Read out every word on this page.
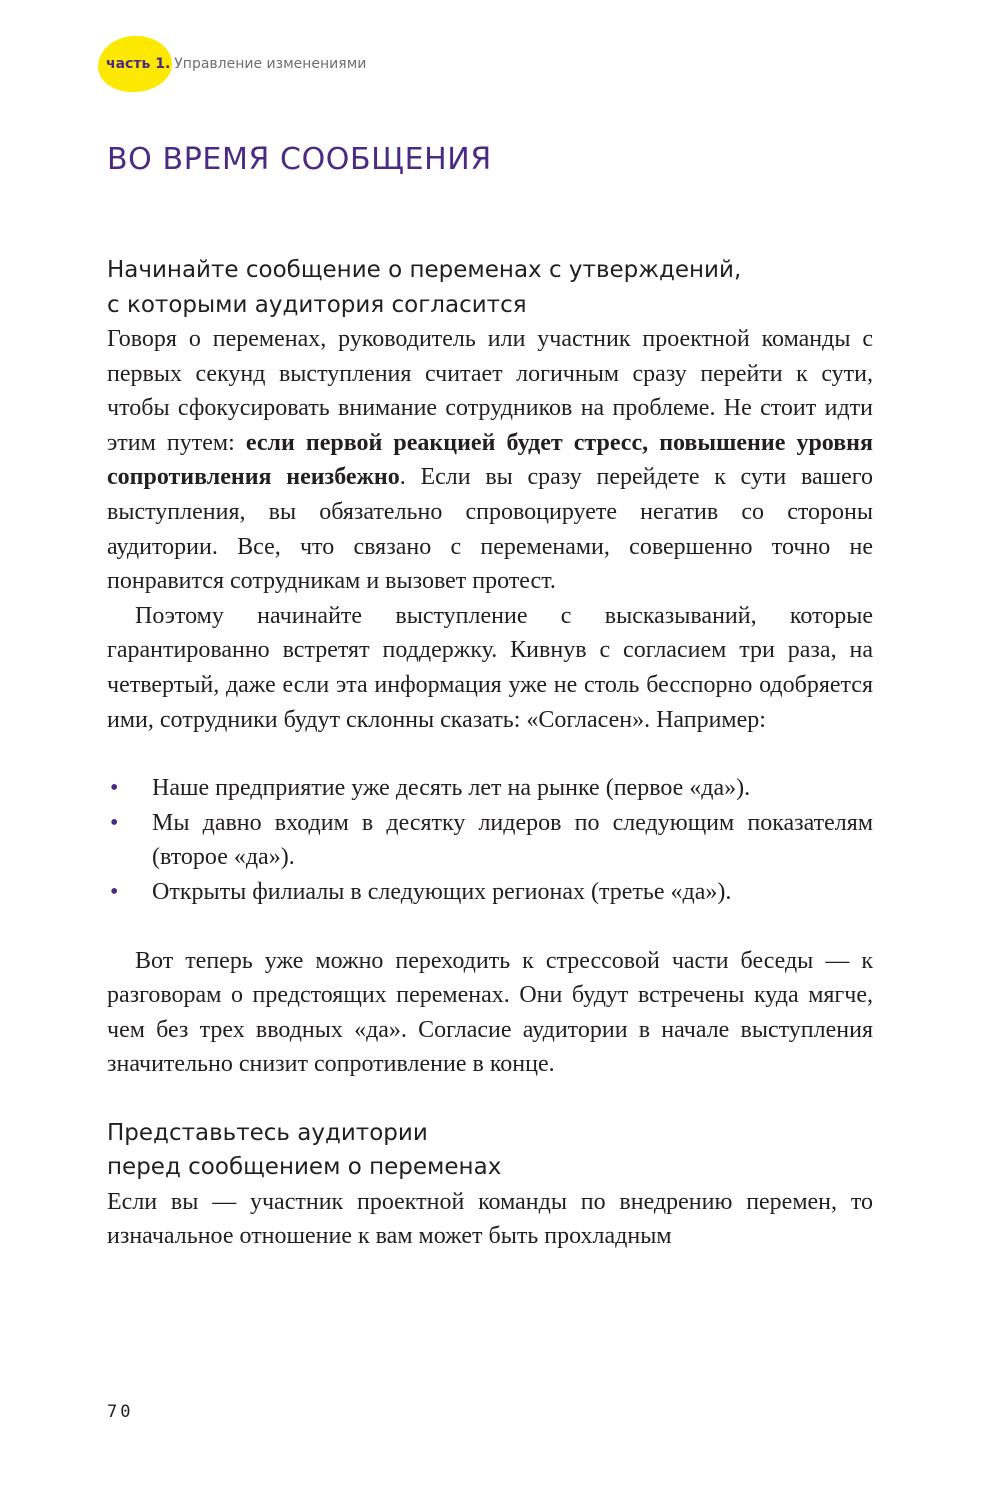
часть 1. Управление изменениями
ВО ВРЕМЯ СООБЩЕНИЯ
Начинайте сообщение о переменах с утверждений,
с которыми аудитория согласится

Говоря о переменах, руководитель или участник проектной команды с первых секунд выступления считает логичным сразу перейти к сути, чтобы сфокусировать внимание сотрудников на проблеме. Не стоит идти этим путем: если первой реакцией будет стресс, повышение уровня сопротивления неизбежно. Если вы сразу перейдете к сути вашего выступления, вы обязательно спровоцируете негатив со стороны аудитории. Все, что связано с переменами, совершенно точно не понравится сотрудникам и вызовет протест.

Поэтому начинайте выступление с высказываний, которые гарантированно встретят поддержку. Кивнув с согласием три раза, на четвертый, даже если эта информация уже не столь бесспорно одобряется ими, сотрудники будут склонны сказать: «Согласен». Например:

• Наше предприятие уже десять лет на рынке (первое «да»).
• Мы давно входим в десятку лидеров по следующим показателям (второе «да»).
• Открыты филиалы в следующих регионах (третье «да»).

Вот теперь уже можно переходить к стрессовой части беседы — к разговорам о предстоящих переменах. Они будут встречены куда мягче, чем без трех вводных «да». Согласие аудитории в начале выступления значительно снизит сопротивление в конце.

Представьтесь аудитории
перед сообщением о переменах

Если вы — участник проектной команды по внедрению перемен, то изначальное отношение к вам может быть прохладным

70
